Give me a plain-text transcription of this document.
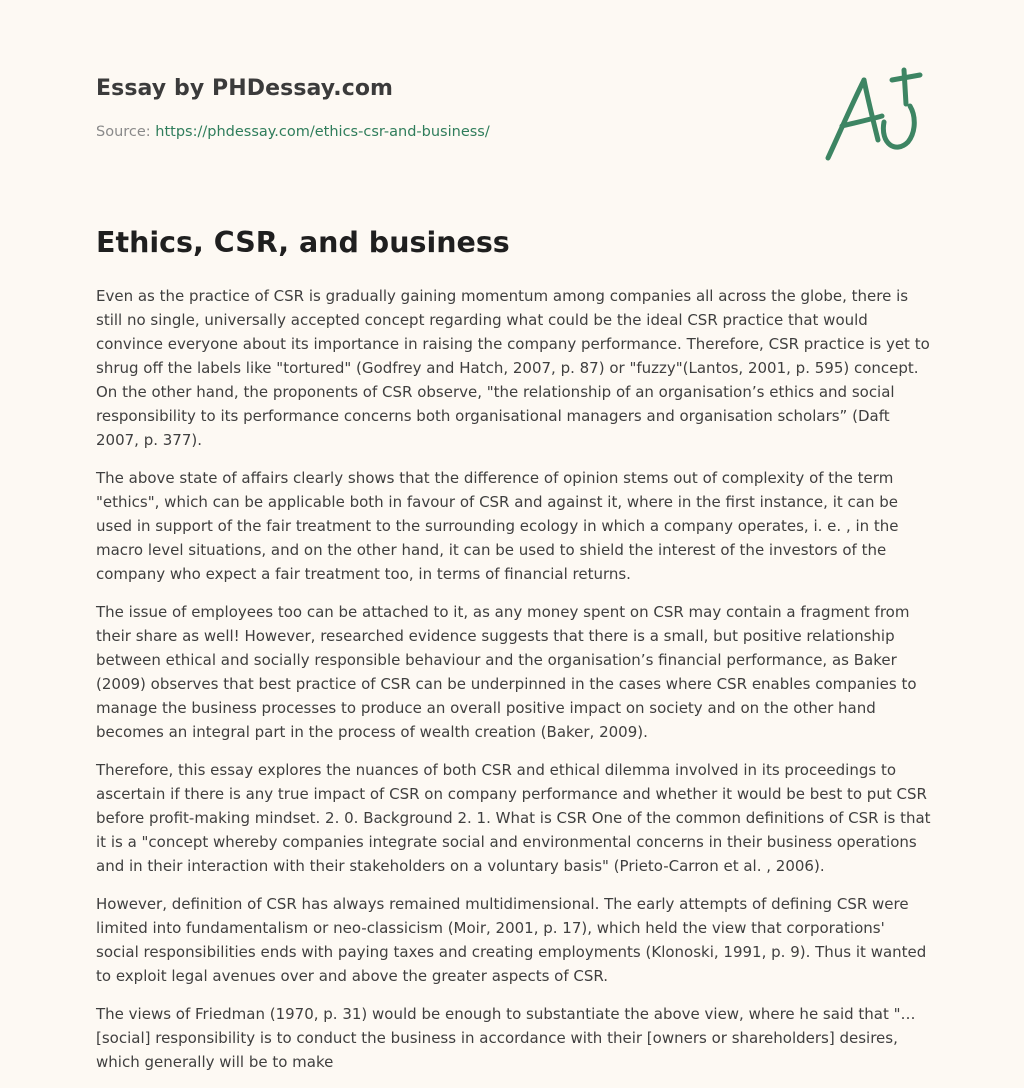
Essay by PHDessay.com
Source: https://phdessay.com/ethics-csr-and-business/
Ethics, CSR, and business

Even as the practice of CSR is gradually gaining momentum among companies all across the globe, there is still no single, universally accepted concept regarding what could be the ideal CSR practice that would convince everyone about its importance in raising the company performance. Therefore, CSR practice is yet to shrug off the labels like "tortured" (Godfrey and Hatch, 2007, p. 87) or "fuzzy"(Lantos, 2001, p. 595) concept. On the other hand, the proponents of CSR observe, "the relationship of an organisation’s ethics and social responsibility to its performance concerns both organisational managers and organisation scholars” (Daft 2007, p. 377).

The above state of affairs clearly shows that the difference of opinion stems out of complexity of the term "ethics", which can be applicable both in favour of CSR and against it, where in the first instance, it can be used in support of the fair treatment to the surrounding ecology in which a company operates, i. e. , in the macro level situations, and on the other hand, it can be used to shield the interest of the investors of the company who expect a fair treatment too, in terms of financial returns.

The issue of employees too can be attached to it, as any money spent on CSR may contain a fragment from their share as well! However, researched evidence suggests that there is a small, but positive relationship between ethical and socially responsible behaviour and the organisation’s financial performance, as Baker (2009) observes that best practice of CSR can be underpinned in the cases where CSR enables companies to manage the business processes to produce an overall positive impact on society and on the other hand becomes an integral part in the process of wealth creation (Baker, 2009).

Therefore, this essay explores the nuances of both CSR and ethical dilemma involved in its proceedings to ascertain if there is any true impact of CSR on company performance and whether it would be best to put CSR before profit-making mindset. 2. 0. Background 2. 1. What is CSR One of the common definitions of CSR is that it is a "concept whereby companies integrate social and environmental concerns in their business operations and in their interaction with their stakeholders on a voluntary basis" (Prieto-Carron et al. , 2006).

However, definition of CSR has always remained multidimensional. The early attempts of defining CSR were limited into fundamentalism or neo-classicism (Moir, 2001, p. 17), which held the view that corporations' social responsibilities ends with paying taxes and creating employments (Klonoski, 1991, p. 9). Thus it wanted to exploit legal avenues over and above the greater aspects of CSR.

The views of Friedman (1970, p. 31) would be enough to substantiate the above view, where he said that "… [social] responsibility is to conduct the business in accordance with their [owners or shareholders] desires, which generally will be to make
